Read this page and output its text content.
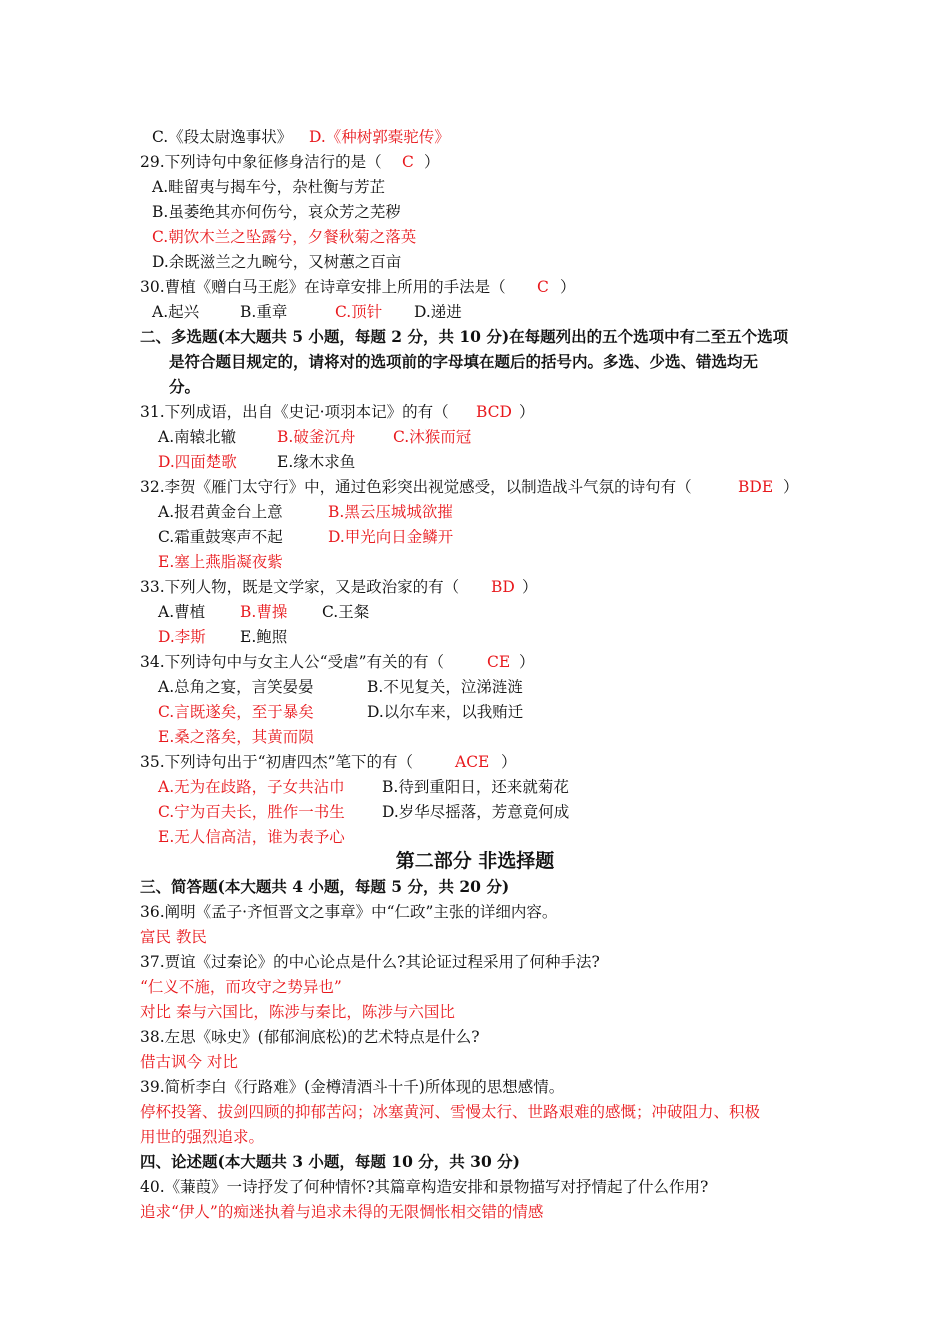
第二部分 非选择题
C.《段太尉逸事状》 D.《种树郭橐驼传》
29.下列诗句中象征修身洁行的是（ C ）
A.畦留夷与揭车兮，杂杜衡与芳芷
B.虽萎绝其亦何伤兮，哀众芳之芜秽
C.朝饮木兰之坠露兮，夕餐秋菊之落英
D.余既滋兰之九畹兮，又树蕙之百亩
30.曹植《赠白马王彪》在诗章安排上所用的手法是（ C ）
A.起兴	B.重章	C.顶针 D.递进
二、多选题(本大题共 5 小题，每题 2 分，共 10 分)在每题列出的五个选项中有二至五个选项
是符合题目规定的，请将对的选项前的字母填在题后的括号内。多选、少选、错选均无
分。
31.下列成语，出自《史记·项羽本记》的有（ BCD ）
A.南辕北辙	B.破釜沉舟 C.沐猴而冠
D.四面楚歌	E.缘木求鱼
32.李贺《雁门太守行》中，通过色彩突出视觉感受，以制造战斗气氛的诗句有（	BDE ）
A.报君黄金台上意	B.黑云压城城欲摧
C.霜重鼓寒声不起	D.甲光向日金鳞开
E.塞上燕脂凝夜紫
33.下列人物，既是文学家，又是政治家的有（ BD ）
A.曹植 B.曹操 C.王粲
D.李斯 E.鲍照
34.下列诗句中与女主人公“受虐”有关的有（	CE ）
A.总角之宴，言笑晏晏	B.不见复关，泣涕涟涟
C.言既遂矣，至于暴矣	D.以尔车来，以我贿迁
E.桑之落矣，其黄而陨
35.下列诗句出于“初唐四杰”笔下的有（	ACE ）
A.无为在歧路，子女共沾巾 B.待到重阳日，还来就菊花
C.宁为百夫长，胜作一书生 D.岁华尽摇落，芳意竟何成
E.无人信高洁，谁为表予心
三、简答题(本大题共 4 小题，每题 5 分，共 20 分)
36.阐明《孟子·齐恒晋文之事章》中“仁政”主张的详细内容。
富民 教民
37.贾谊《过秦论》的中心论点是什么?其论证过程采用了何种手法?
“仁义不施，而攻守之势异也”
对比 秦与六国比，陈涉与秦比，陈涉与六国比
38.左思《咏史》(郁郁涧底松)的艺术特点是什么?
借古讽今 对比
39.简析李白《行路难》(金樽清酒斗十千)所体现的思想感情。
停杯投箸、拔剑四顾的抑郁苦闷；冰塞黄河、雪慢太行、世路艰难的感慨；冲破阻力、积极
用世的强烈追求。
四、论述题(本大题共 3 小题，每题 10 分，共 30 分)
40.《蒹葭》一诗抒发了何种情怀?其篇章构造安排和景物描写对抒情起了什么作用?
追求“伊人”的痴迷执着与追求未得的无限惆怅相交错的情感
